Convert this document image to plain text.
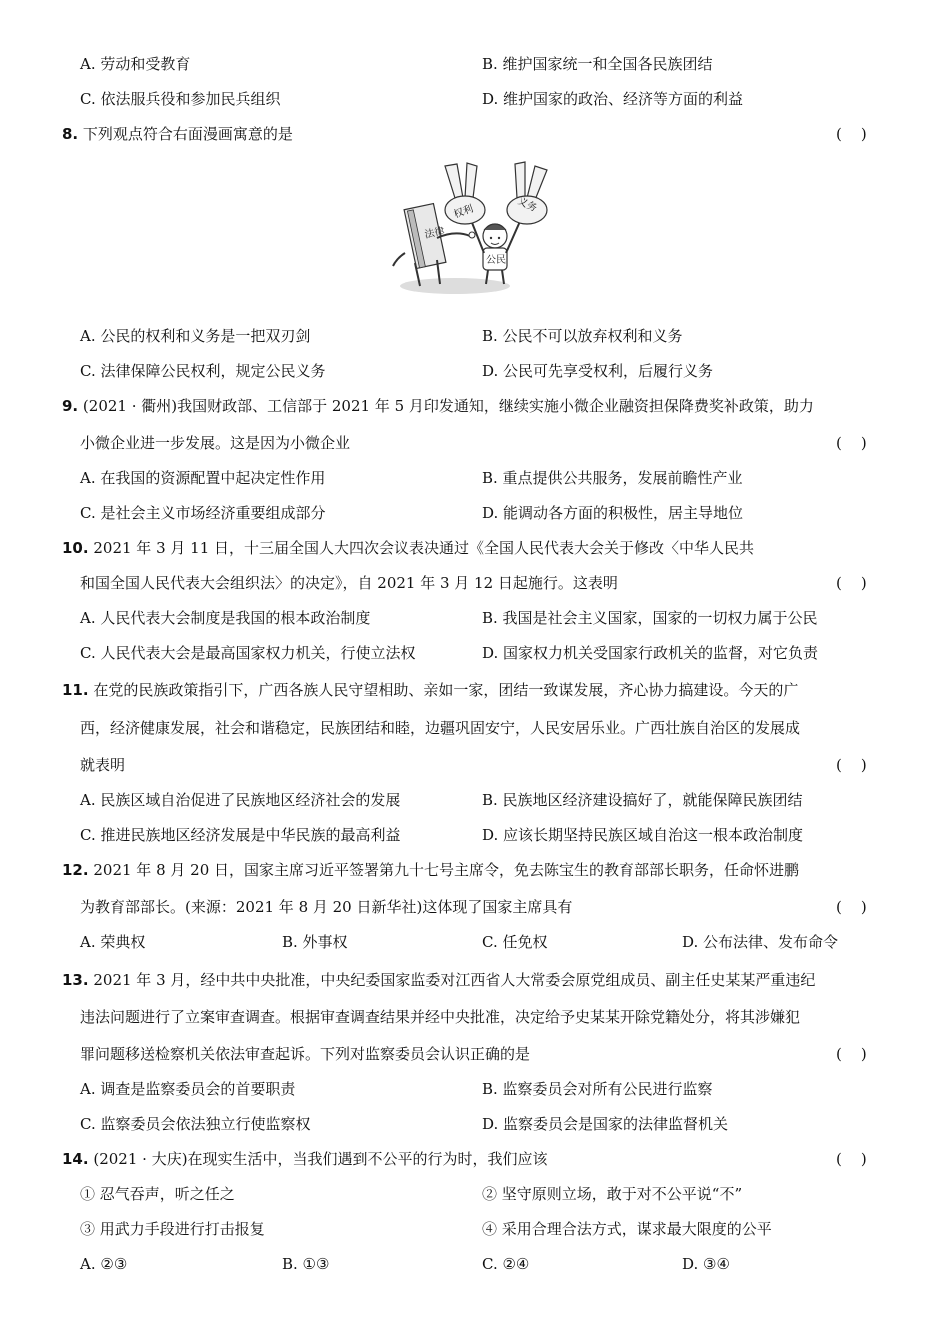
A. 劳动和受教育	B. 维护国家统一和全国各民族团结
C. 依法服兵役和参加民兵组织	D. 维护国家的政治、经济等方面的利益
8. 下列观点符合右面漫画寓意的是	(    )
法律
公民
权利	义务
A. 公民的权利和义务是一把双刃剑	B. 公民不可以放弃权利和义务
C. 法律保障公民权利，规定公民义务	D. 公民可先享受权利，后履行义务
9. (2021 · 衢州)我国财政部、工信部于 2021 年 5 月印发通知，继续实施小微企业融资担保降费奖补政策，助力
小微企业进一步发展。这是因为小微企业	(    )
A. 在我国的资源配置中起决定性作用	B. 重点提供公共服务，发展前瞻性产业
C. 是社会主义市场经济重要组成部分	D. 能调动各方面的积极性，居主导地位
10. 2021 年 3 月 11 日，十三届全国人大四次会议表决通过《全国人民代表大会关于修改〈中华人民共
和国全国人民代表大会组织法〉的决定》，自 2021 年 3 月 12 日起施行。这表明	(    )
A. 人民代表大会制度是我国的根本政治制度	B. 我国是社会主义国家，国家的一切权力属于公民
C. 人民代表大会是最高国家权力机关，行使立法权	D. 国家权力机关受国家行政机关的监督，对它负责
11. 在党的民族政策指引下，广西各族人民守望相助、亲如一家，团结一致谋发展，齐心协力搞建设。今天的广
西，经济健康发展，社会和谐稳定，民族团结和睦，边疆巩固安宁，人民安居乐业。广西壮族自治区的发展成
就表明	(    )
A. 民族区域自治促进了民族地区经济社会的发展	B. 民族地区经济建设搞好了，就能保障民族团结
C. 推进民族地区经济发展是中华民族的最高利益	D. 应该长期坚持民族区域自治这一根本政治制度
12. 2021 年 8 月 20 日，国家主席习近平签署第九十七号主席令，免去陈宝生的教育部部长职务，任命怀进鹏
为教育部部长。(来源：2021 年 8 月 20 日新华社)这体现了国家主席具有	(    )
A. 荣典权	B. 外事权	C. 任免权	D. 公布法律、发布命令
13. 2021 年 3 月，经中共中央批准，中央纪委国家监委对江西省人大常委会原党组成员、副主任史某某严重违纪
违法问题进行了立案审查调查。根据审查调查结果并经中央批准，决定给予史某某开除党籍处分，将其涉嫌犯
罪问题移送检察机关依法审查起诉。下列对监察委员会认识正确的是	(    )
A. 调查是监察委员会的首要职责	B. 监察委员会对所有公民进行监察
C. 监察委员会依法独立行使监察权	D. 监察委员会是国家的法律监督机关
14. (2021 · 大庆)在现实生活中，当我们遇到不公平的行为时，我们应该	(    )
① 忍气吞声，听之任之	② 坚守原则立场，敢于对不公平说“不”
③ 用武力手段进行打击报复	④ 采用合理合法方式，谋求最大限度的公平
A. ②③	B. ①③	C. ②④	D. ③④
